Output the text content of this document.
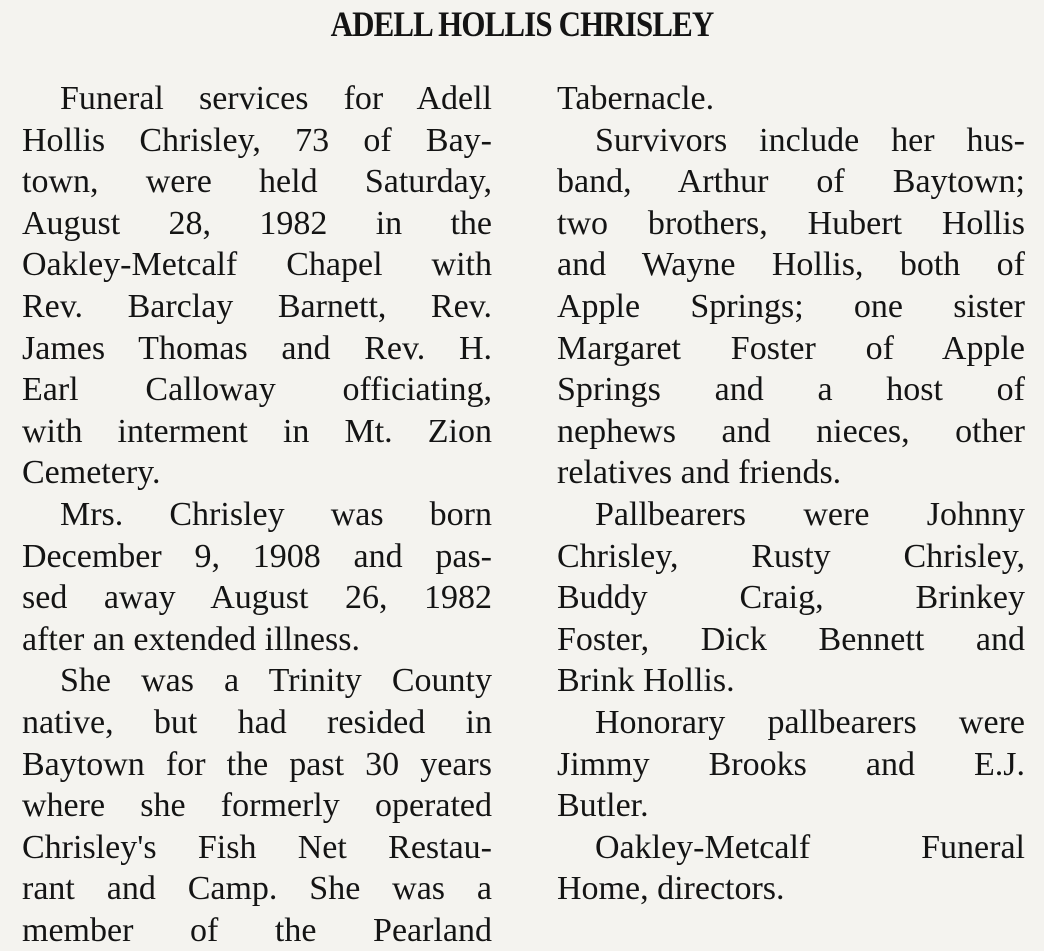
ADELL HOLLIS CHRISLEY
Funeral services for Adell
Hollis Chrisley, 73 of Bay-
town, were held Saturday,
August 28, 1982 in the
Oakley-Metcalf Chapel with
Rev. Barclay Barnett, Rev.
James Thomas and Rev. H.
Earl Calloway officiating,
with interment in Mt. Zion
Cemetery.
Mrs. Chrisley was born
December 9, 1908 and pas-
sed away August 26, 1982
after an extended illness.
She was a Trinity County
native, but had resided in
Baytown for the past 30 years
where she formerly operated
Chrisley's Fish Net Restau-
rant and Camp. She was a
member of the Pearland
Tabernacle.
Survivors include her hus-
band, Arthur of Baytown;
two brothers, Hubert Hollis
and Wayne Hollis, both of
Apple Springs; one sister
Margaret Foster of Apple
Springs and a host of
nephews and nieces, other
relatives and friends.
Pallbearers were Johnny
Chrisley, Rusty Chrisley,
Buddy Craig, Brinkey
Foster, Dick Bennett and
Brink Hollis.
Honorary pallbearers were
Jimmy Brooks and E.J.
Butler.
Oakley-Metcalf Funeral
Home, directors.
